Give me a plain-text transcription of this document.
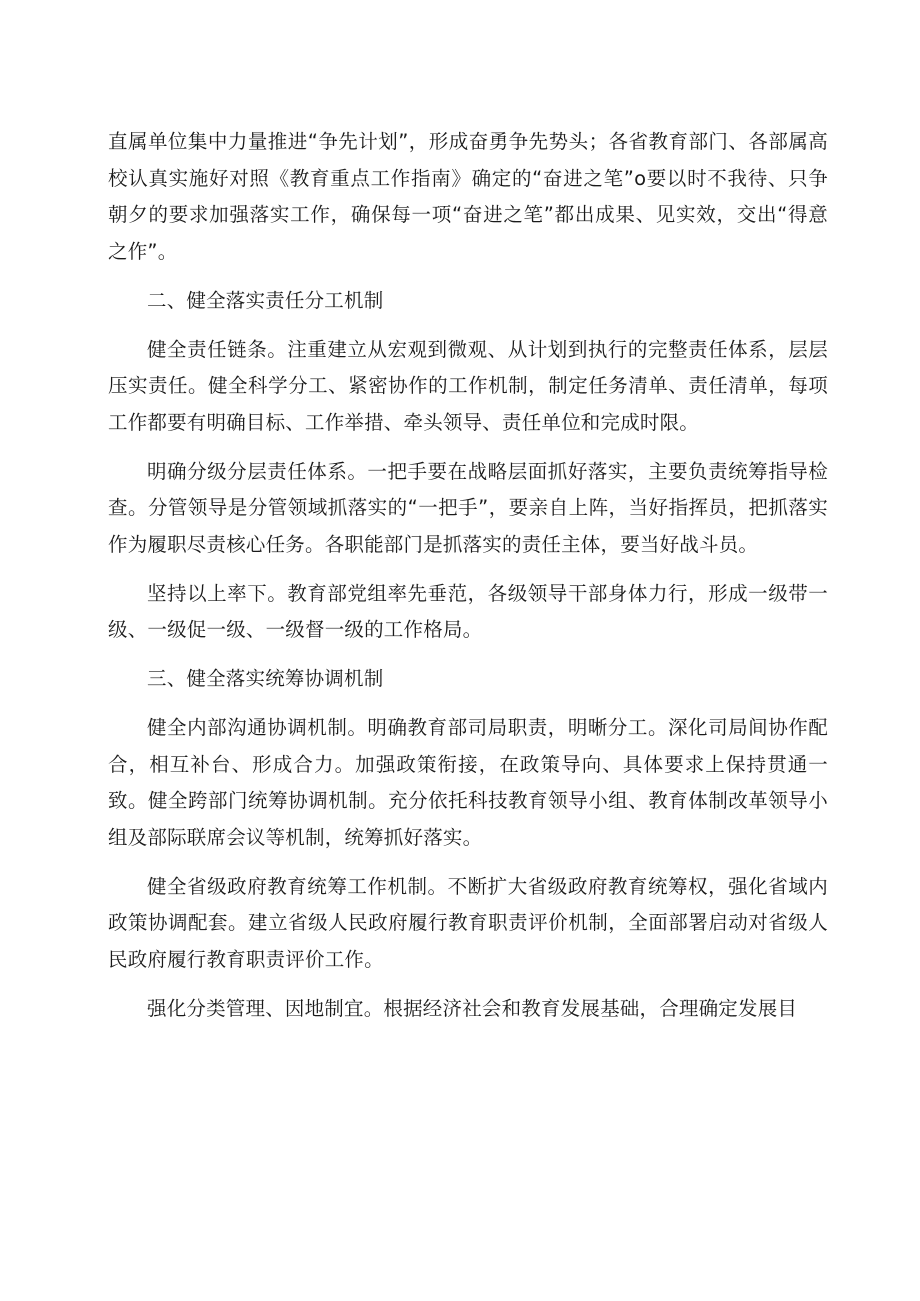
直属单位集中力量推进“争先计划”，形成奋勇争先势头；各省教育部门、各部属高校认真实施好对照《教育重点工作指南》确定的“奋进之笔”o要以时不我待、只争朝夕的要求加强落实工作，确保每一项“奋进之笔”都出成果、见实效，交出“得意之作”。

二、健全落实责任分工机制

健全责任链条。注重建立从宏观到微观、从计划到执行的完整责任体系，层层压实责任。健全科学分工、紧密协作的工作机制，制定任务清单、责任清单，每项工作都要有明确目标、工作举措、牵头领导、责任单位和完成时限。

明确分级分层责任体系。一把手要在战略层面抓好落实，主要负责统筹指导检查。分管领导是分管领域抓落实的“一把手”，要亲自上阵，当好指挥员，把抓落实作为履职尽责核心任务。各职能部门是抓落实的责任主体，要当好战斗员。

坚持以上率下。教育部党组率先垂范，各级领导干部身体力行，形成一级带一级、一级促一级、一级督一级的工作格局。

三、健全落实统筹协调机制

健全内部沟通协调机制。明确教育部司局职责，明晰分工。深化司局间协作配合，相互补台、形成合力。加强政策衔接，在政策导向、具体要求上保持贯通一致。健全跨部门统筹协调机制。充分依托科技教育领导小组、教育体制改革领导小组及部际联席会议等机制，统筹抓好落实。

健全省级政府教育统筹工作机制。不断扩大省级政府教育统筹权，强化省域内政策协调配套。建立省级人民政府履行教育职责评价机制，全面部署启动对省级人民政府履行教育职责评价工作。

强化分类管理、因地制宜。根据经济社会和教育发展基础，合理确定发展目
